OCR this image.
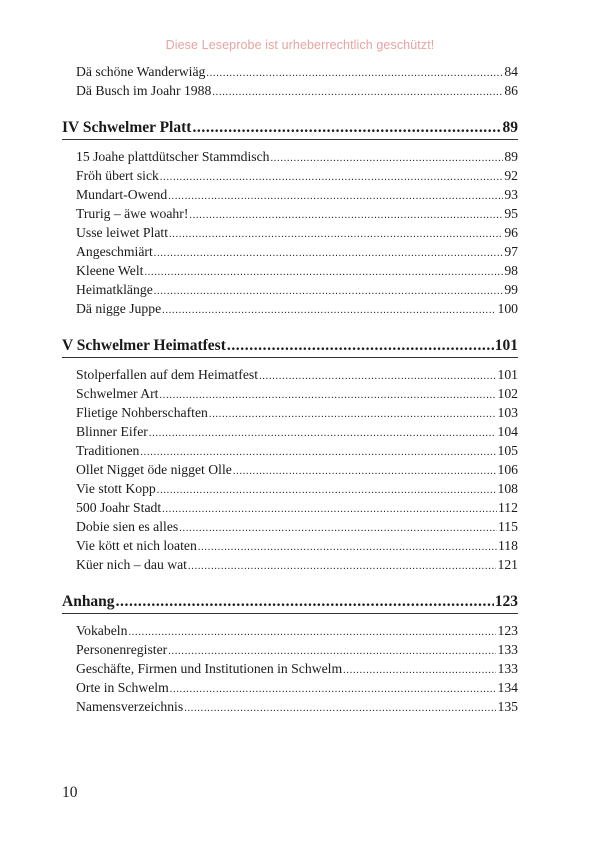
Diese Leseprobe ist urheberrechtlich geschützt!
Dä schöne Wanderwiäg .....	84
Dä Busch im Joahr 1988 .....	86
IV Schwelmer Platt .....	89
15 Joahe plattdütscher Stammdisch .....	89
Fröh übert sick .....	92
Mundart-Owend .....	93
Trurig – äwe woahr! .....	95
Usse leiwet Platt .....	96
Angeschmiärt .....	97
Kleene Welt .....	98
Heimatklänge .....	99
Dä nigge Juppe .....	100
V Schwelmer Heimatfest .....	101
Stolperfallen auf dem Heimatfest .....	101
Schwelmer Art .....	102
Flietige Nohberschaften .....	103
Blinner Eifer .....	104
Traditionen .....	105
Ollet Nigget öde nigget Olle .....	106
Vie stott Kopp .....	108
500 Joahr Stadt .....	112
Dobie sien es alles .....	115
Vie kött et nich loaten .....	118
Küer nich – dau wat .....	121
Anhang .....	123
Vokabeln .....	123
Personenregister .....	133
Geschäfte, Firmen und Institutionen in Schwelm .....	133
Orte in Schwelm .....	134
Namensverzeichnis .....	135
10
